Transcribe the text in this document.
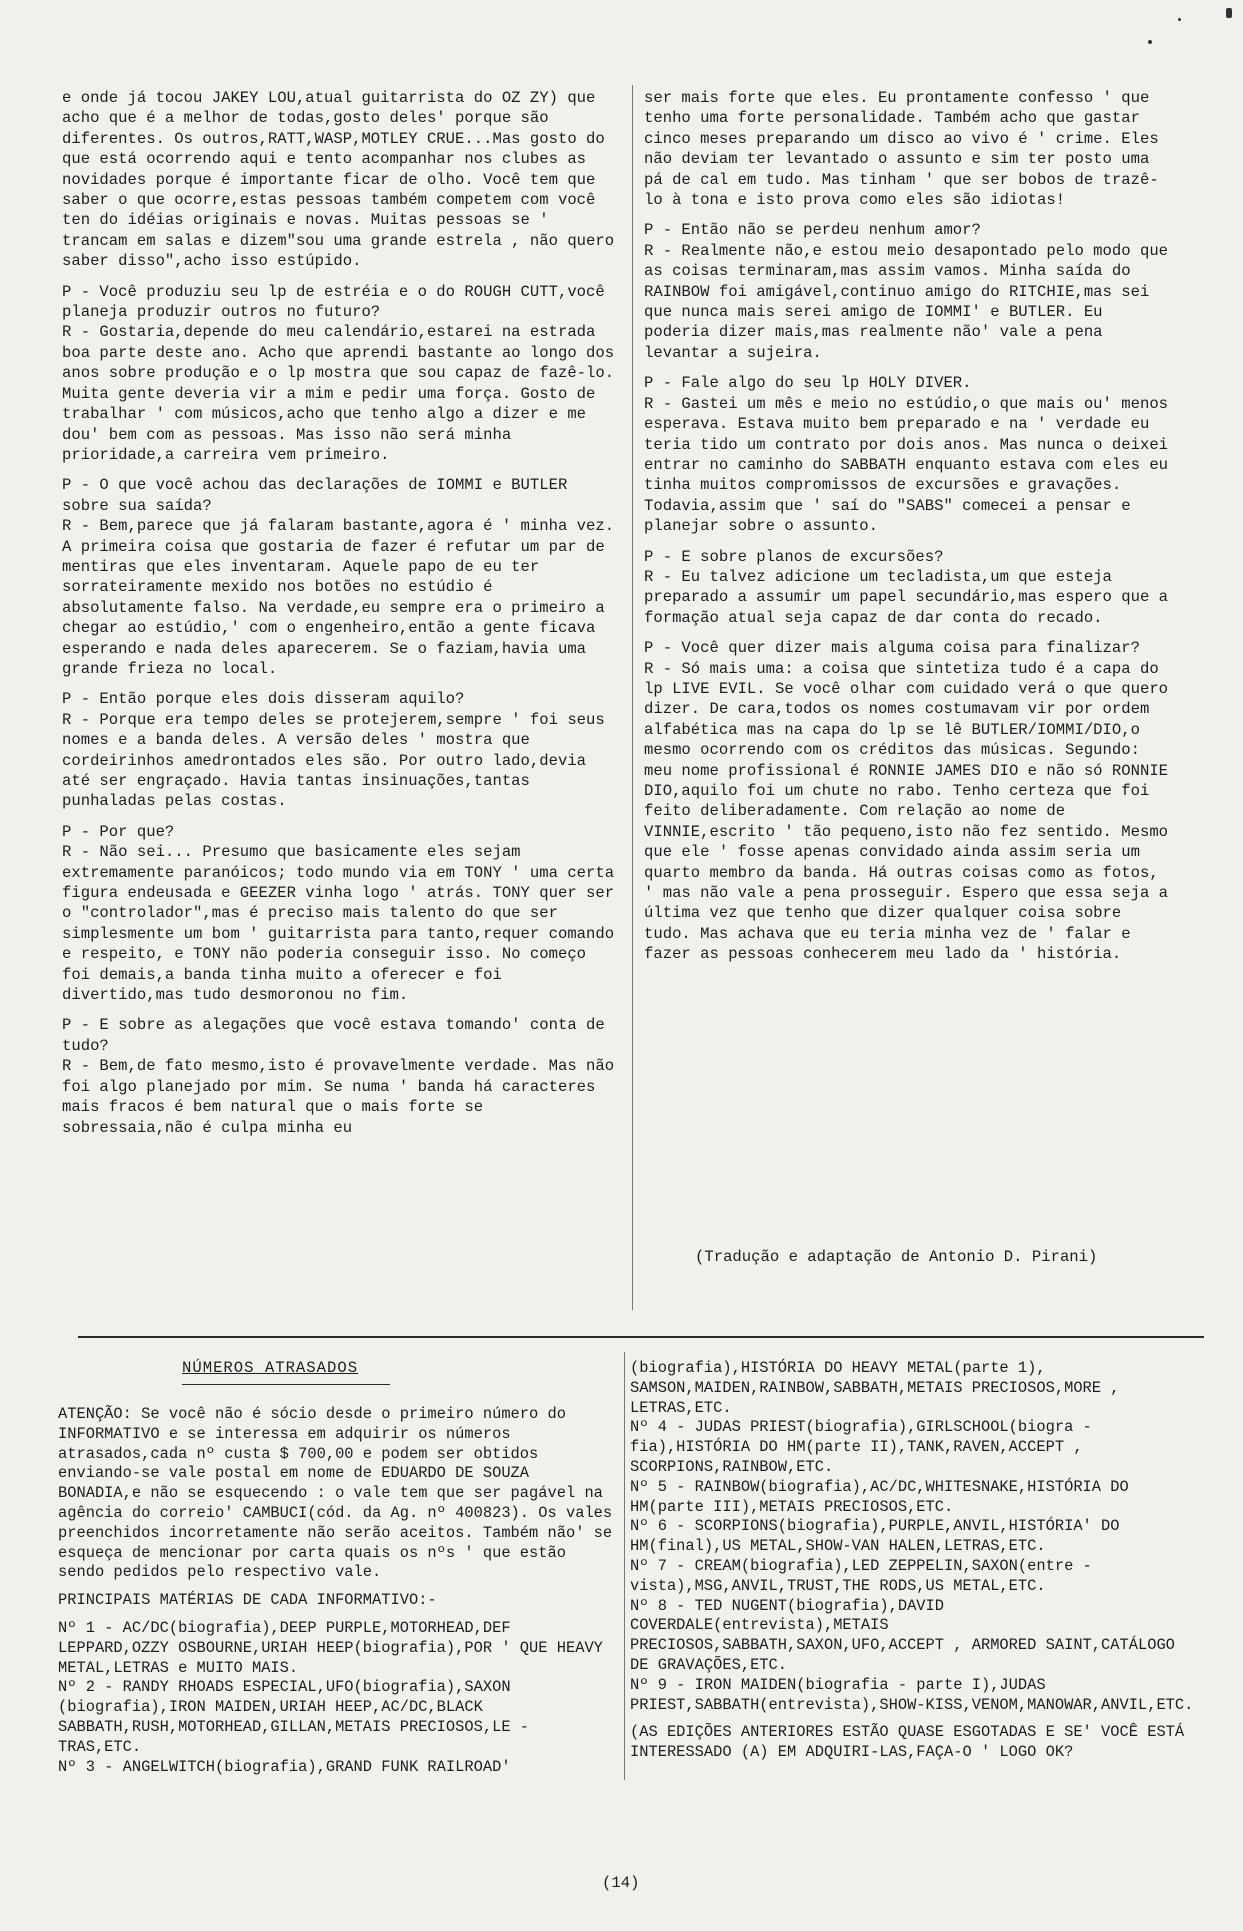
e onde já tocou JAKEY LOU,atual guitarrista do OZ ZY) que acho que é a melhor de todas,gosto deles' porque são diferentes. Os outros,RATT,WASP,MOTLEY CRUE...Mas gosto do que está ocorrendo aqui e tento acompanhar nos clubes as novidades porque é importante ficar de olho. Você tem que saber o que ocorre,estas pessoas também competem com você ten do idéias originais e novas. Muitas pessoas se ' trancam em salas e dizem"sou uma grande estrela , não quero saber disso",acho isso estúpido.

P - Você produziu seu lp de estréia e o do ROUGH CUTT,você planeja produzir outros no futuro?
R - Gostaria,depende do meu calendário,estarei na estrada boa parte deste ano. Acho que aprendi bastante ao longo dos anos sobre produção e o lp mostra que sou capaz de fazê-lo. Muita gente deveria vir a mim e pedir uma força. Gosto de trabalhar ' com músicos,acho que tenho algo a dizer e me dou' bem com as pessoas. Mas isso não será minha prioridade,a carreira vem primeiro.

P - O que você achou das declarações de IOMMI e BUTLER sobre sua saída?
R - Bem,parece que já falaram bastante,agora é ' minha vez. A primeira coisa que gostaria de fazer é refutar um par de mentiras que eles inventaram. Aquele papo de eu ter sorrateiramente mexido nos botões no estúdio é absolutamente falso. Na verdade,eu sempre era o primeiro a chegar ao estúdio,' com o engenheiro,então a gente ficava esperando e nada deles aparecerem. Se o faziam,havia uma grande frieza no local.

P - Então porque eles dois disseram aquilo?
R - Porque era tempo deles se protejerem,sempre ' foi seus nomes e a banda deles. A versão deles ' mostra que cordeirinhos amedrontados eles são. Por outro lado,devia até ser engraçado. Havia tantas insinuações,tantas punhaladas pelas costas.

P - Por que?
R - Não sei... Presumo que basicamente eles sejam extremamente paranóicos; todo mundo via em TONY ' uma certa figura endeusada e GEEZER vinha logo ' atrás. TONY quer ser o "controlador",mas é preciso mais talento do que ser simplesmente um bom ' guitarrista para tanto,requer comando e respeito, e TONY não poderia conseguir isso. No começo foi demais,a banda tinha muito a oferecer e foi divertido,mas tudo desmoronou no fim.

P - E sobre as alegações que você estava tomando' conta de tudo?
R - Bem,de fato mesmo,isto é provavelmente verdade. Mas não foi algo planejado por mim. Se numa ' banda há caracteres mais fracos é bem natural que o mais forte se sobressaia,não é culpa minha eu

ser mais forte que eles. Eu prontamente confesso ' que tenho uma forte personalidade. Também acho que gastar cinco meses preparando um disco ao vivo é ' crime. Eles não deviam ter levantado o assunto e sim ter posto uma pá de cal em tudo. Mas tinham ' que ser bobos de trazê-lo à tona e isto prova como eles são idiotas!

P - Então não se perdeu nenhum amor?
R - Realmente não,e estou meio desapontado pelo modo que as coisas terminaram,mas assim vamos. Minha saída do RAINBOW foi amigável,continuo amigo do RITCHIE,mas sei que nunca mais serei amigo de IOMMI' e BUTLER. Eu poderia dizer mais,mas realmente não' vale a pena levantar a sujeira.

P - Fale algo do seu lp HOLY DIVER.
R - Gastei um mês e meio no estúdio,o que mais ou' menos esperava. Estava muito bem preparado e na ' verdade eu teria tido um contrato por dois anos. Mas nunca o deixei entrar no caminho do SABBATH enquanto estava com eles eu tinha muitos compromissos de excursões e gravações. Todavia,assim que ' saí do "SABS" comecei a pensar e planejar sobre o assunto.

P - E sobre planos de excursões?
R - Eu talvez adicione um tecladista,um que esteja preparado a assumir um papel secundário,mas espero que a formação atual seja capaz de dar conta do recado.

P - Você quer dizer mais alguma coisa para finalizar?
R - Só mais uma: a coisa que sintetiza tudo é a capa do lp LIVE EVIL. Se você olhar com cuidado verá o que quero dizer. De cara,todos os nomes costumavam vir por ordem alfabética mas na capa do lp se lê BUTLER/IOMMI/DIO,o mesmo ocorrendo com os créditos das músicas. Segundo: meu nome profissional é RONNIE JAMES DIO e não só RONNIE DIO,aquilo foi um chute no rabo. Tenho certeza que foi feito deliberadamente. Com relação ao nome de VINNIE,escrito ' tão pequeno,isto não fez sentido. Mesmo que ele ' fosse apenas convidado ainda assim seria um quarto membro da banda. Há outras coisas como as fotos, ' mas não vale a pena prosseguir. Espero que essa seja a última vez que tenho que dizer qualquer coisa sobre tudo. Mas achava que eu teria minha vez de ' falar e fazer as pessoas conhecerem meu lado da ' história.

(Tradução e adaptação de Antonio D. Pirani)
NÚMEROS ATRASADOS

ATENÇÃO: Se você não é sócio desde o primeiro número do INFORMATIVO e se interessa em adquirir os números atrasados,cada nº custa $ 700,00 e podem ser obtidos enviando-se vale postal em nome de EDUARDO DE SOUZA BONADIA,e não se esquecendo : o vale tem que ser pagável na agência do correio' CAMBUCI(cód. da Ag. nº 400823). Os vales preenchidos incorretamente não serão aceitos. Também não' se esqueça de mencionar por carta quais os nºs ' que estão sendo pedidos pelo respectivo vale.

PRINCIPAIS MATÉRIAS DE CADA INFORMATIVO:-

Nº 1 - AC/DC(biografia),DEEP PURPLE,MOTORHEAD,DEF LEPPARD,OZZY OSBOURNE,URIAH HEEP(biografia),POR ' QUE HEAVY METAL,LETRAS e MUITO MAIS.

Nº 2 - RANDY RHOADS ESPECIAL,UFO(biografia),SAXON (biografia),IRON MAIDEN,URIAH HEEP,AC/DC,BLACK SABBATH,RUSH,MOTORHEAD,GILLAN,METAIS PRECIOSOS,LE - TRAS,ETC.

Nº 3 - ANGELWITCH(biografia),GRAND FUNK RAILROAD'

(biografia),HISTÓRIA DO HEAVY METAL(parte 1), SAMSON,MAIDEN,RAINBOW,SABBATH,METAIS PRECIOSOS,MORE , LETRAS,ETC.

Nº 4 - JUDAS PRIEST(biografia),GIRLSCHOOL(biogra - fia),HISTÓRIA DO HM(parte II),TANK,RAVEN,ACCEPT , SCORPIONS,RAINBOW,ETC.

Nº 5 - RAINBOW(biografia),AC/DC,WHITESNAKE,HISTÓRIA DO HM(parte III),METAIS PRECIOSOS,ETC.

Nº 6 - SCORPIONS(biografia),PURPLE,ANVIL,HISTÓRIA' DO HM(final),US METAL,SHOW-VAN HALEN,LETRAS,ETC.

Nº 7 - CREAM(biografia),LED ZEPPELIN,SAXON(entre - vista),MSG,ANVIL,TRUST,THE RODS,US METAL,ETC.

Nº 8 - TED NUGENT(biografia),DAVID COVERDALE(entrevista),METAIS PRECIOSOS,SABBATH,SAXON,UFO,ACCEPT , ARMORED SAINT,CATÁLOGO DE GRAVAÇÕES,ETC.

Nº 9 - IRON MAIDEN(biografia - parte I),JUDAS PRIEST,SABBATH(entrevista),SHOW-KISS,VENOM,MANOWAR,ANVIL,ETC.

(AS EDIÇÕES ANTERIORES ESTÃO QUASE ESGOTADAS E SE' VOCÊ ESTÁ INTERESSADO (A) EM ADQUIRI-LAS,FAÇA-O ' LOGO OK?

(14)
